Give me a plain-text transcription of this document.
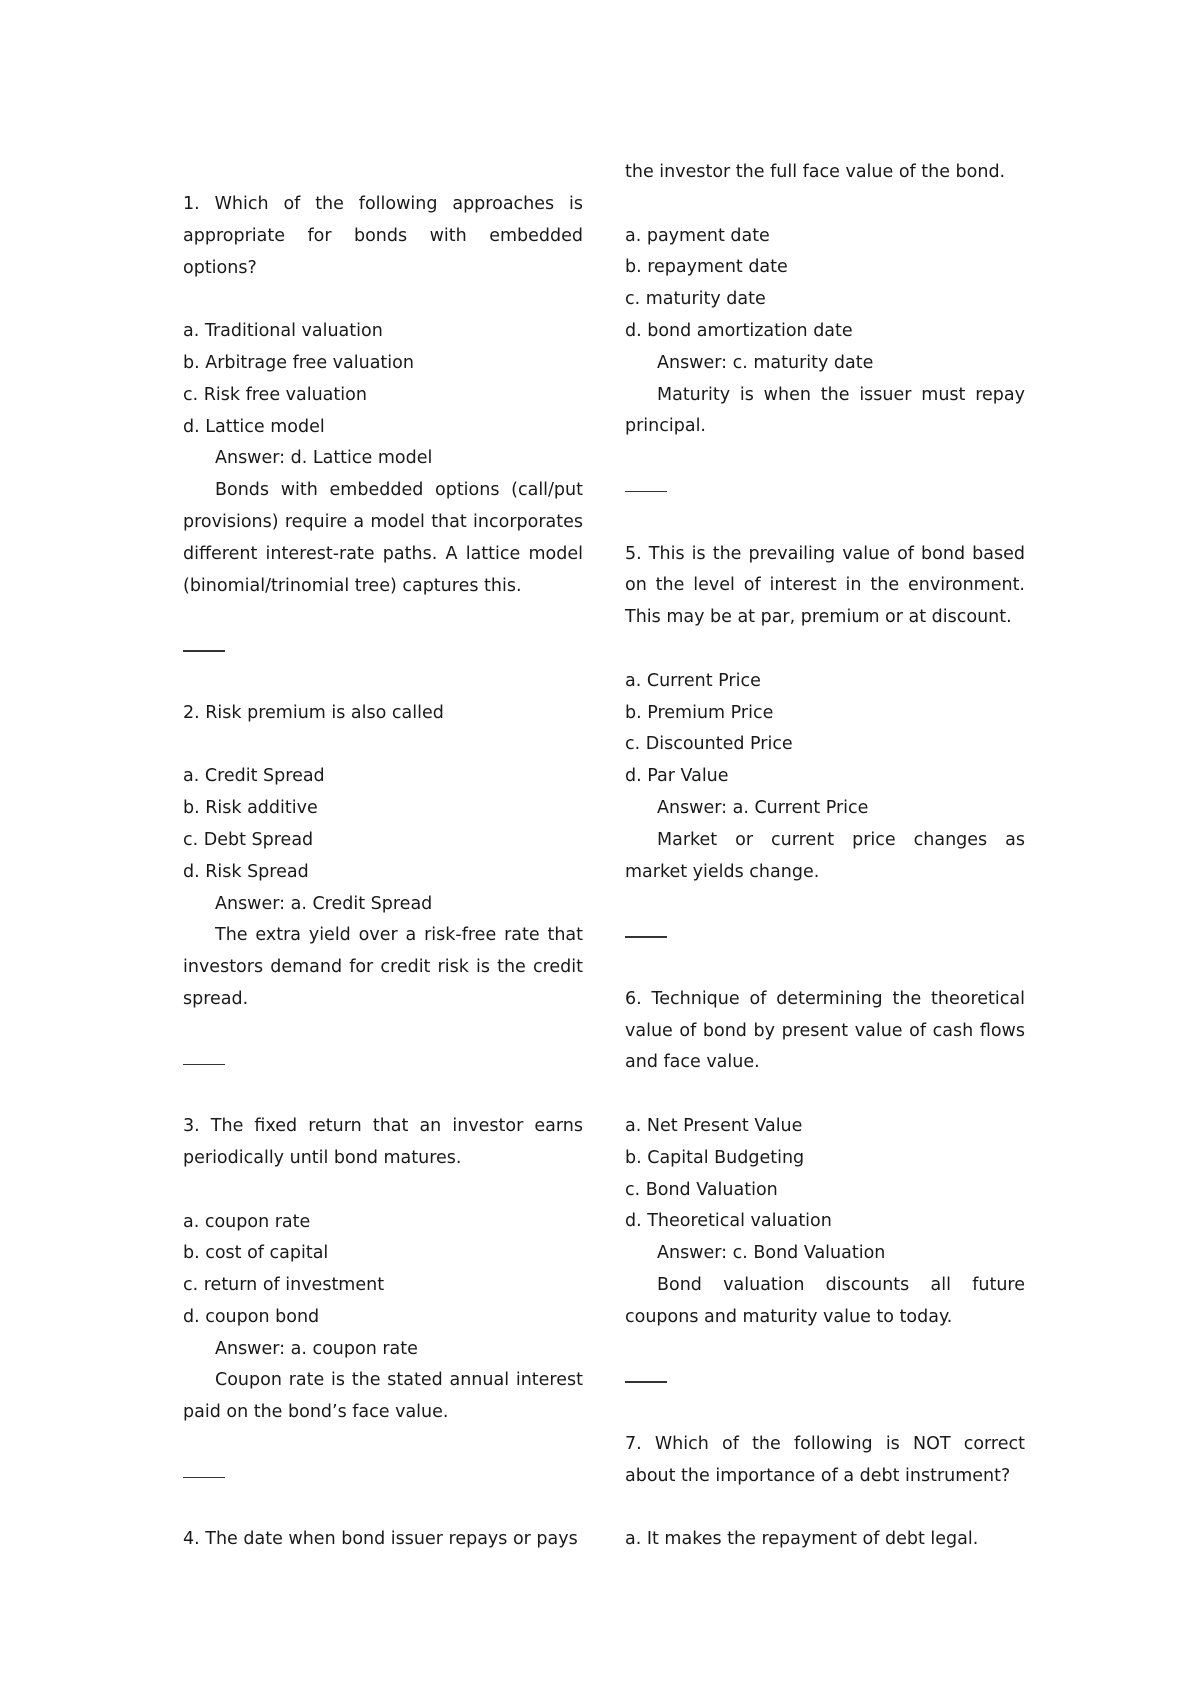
1. Which of the following approaches is appropriate for bonds with embedded options?

a. Traditional valuation

b. Arbitrage free valuation

c. Risk free valuation

d. Lattice model

Answer: d. Lattice model

Bonds with embedded options (call/put provisions) require a model that incorporates different interest-rate paths. A lattice model (binomial/trinomial tree) captures this.

2. Risk premium is also called

a. Credit Spread

b. Risk additive

c. Debt Spread

d. Risk Spread

Answer: a. Credit Spread

The extra yield over a risk-free rate that investors demand for credit risk is the credit spread.

3. The fixed return that an investor earns periodically until bond matures.

a. coupon rate

b. cost of capital

c. return of investment

d. coupon bond

Answer: a. coupon rate

Coupon rate is the stated annual interest paid on the bond’s face value.

4. The date when bond issuer repays or pays

the investor the full face value of the bond.

a. payment date

b. repayment date

c. maturity date

d. bond amortization date

Answer: c. maturity date

Maturity is when the issuer must repay principal.

5. This is the prevailing value of bond based on the level of interest in the environment. This may be at par, premium or at discount.

a. Current Price

b. Premium Price

c. Discounted Price

d. Par Value

Answer: a. Current Price

Market or current price changes as market yields change.

6. Technique of determining the theoretical value of bond by present value of cash flows and face value.

a. Net Present Value

b. Capital Budgeting

c. Bond Valuation

d. Theoretical valuation

Answer: c. Bond Valuation

Bond valuation discounts all future coupons and maturity value to today.

7. Which of the following is NOT correct about the importance of a debt instrument?

a. It makes the repayment of debt legal.
